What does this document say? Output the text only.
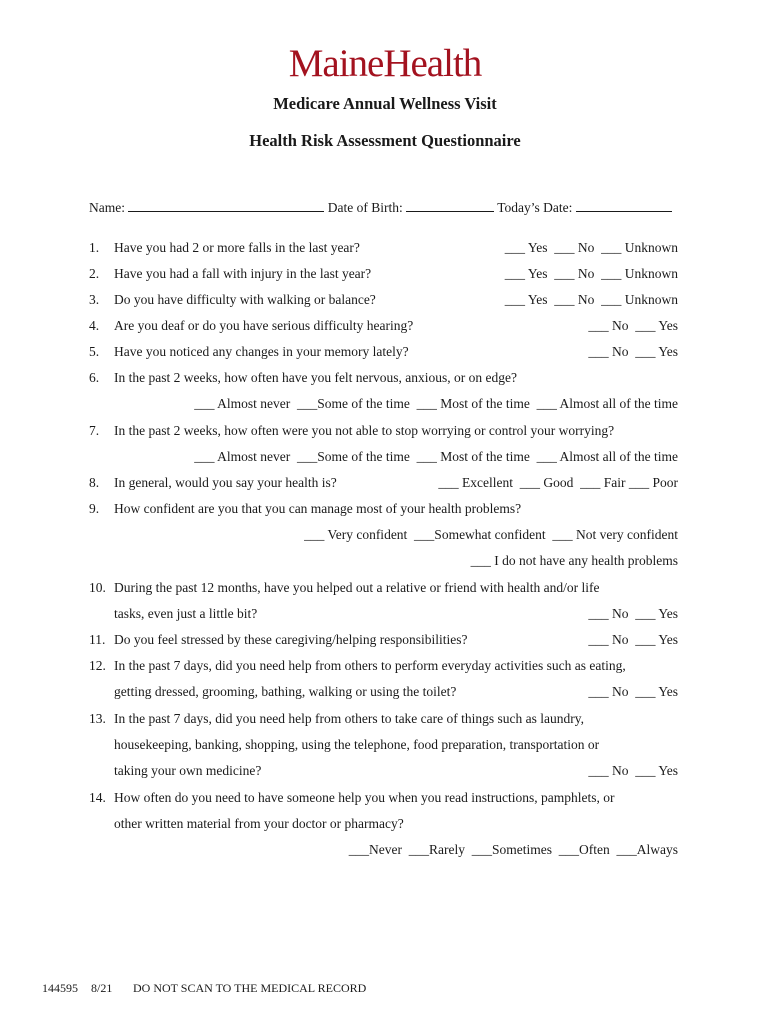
MaineHealth
Medicare Annual Wellness Visit
Health Risk Assessment Questionnaire
Name:	Date of Birth:	Today’s Date:
1. Have you had 2 or more falls in the last year?	___ Yes  ___ No  ___ Unknown
2. Have you had a fall with injury in the last year?	___ Yes  ___ No  ___ Unknown
3. Do you have difficulty with walking or balance?	___ Yes  ___ No  ___ Unknown
4. Are you deaf or do you have serious difficulty hearing?	___ No  ___ Yes
5. Have you noticed any changes in your memory lately?	___ No  ___ Yes
6. In the past 2 weeks, how often have you felt nervous, anxious, or on edge?
___ Almost never  ___Some of the time  ___ Most of the time  ___ Almost all of the time
7. In the past 2 weeks, how often were you not able to stop worrying or control your worrying?
___ Almost never  ___Some of the time  ___ Most of the time  ___ Almost all of the time
8. In general, would you say your health is?	___ Excellent  ___ Good  ___ Fair ___ Poor
9. How confident are you that you can manage most of your health problems?
___ Very confident  ___Somewhat confident  ___ Not very confident
___ I do not have any health problems
10. During the past 12 months, have you helped out a relative or friend with health and/or life
tasks, even just a little bit?	___ No  ___ Yes
11. Do you feel stressed by these caregiving/helping responsibilities?	___ No  ___ Yes
12. In the past 7 days, did you need help from others to perform everyday activities such as eating,
getting dressed, grooming, bathing, walking or using the toilet?	___ No  ___ Yes
13. In the past 7 days, did you need help from others to take care of things such as laundry,
housekeeping, banking, shopping, using the telephone, food preparation, transportation or
taking your own medicine?	___ No  ___ Yes
14. How often do you need to have someone help you when you read instructions, pamphlets, or
other written material from your doctor or pharmacy?
___Never  ___Rarely  ___Sometimes  ___Often  ___Always
144595 8/21 DO NOT SCAN TO THE MEDICAL RECORD
